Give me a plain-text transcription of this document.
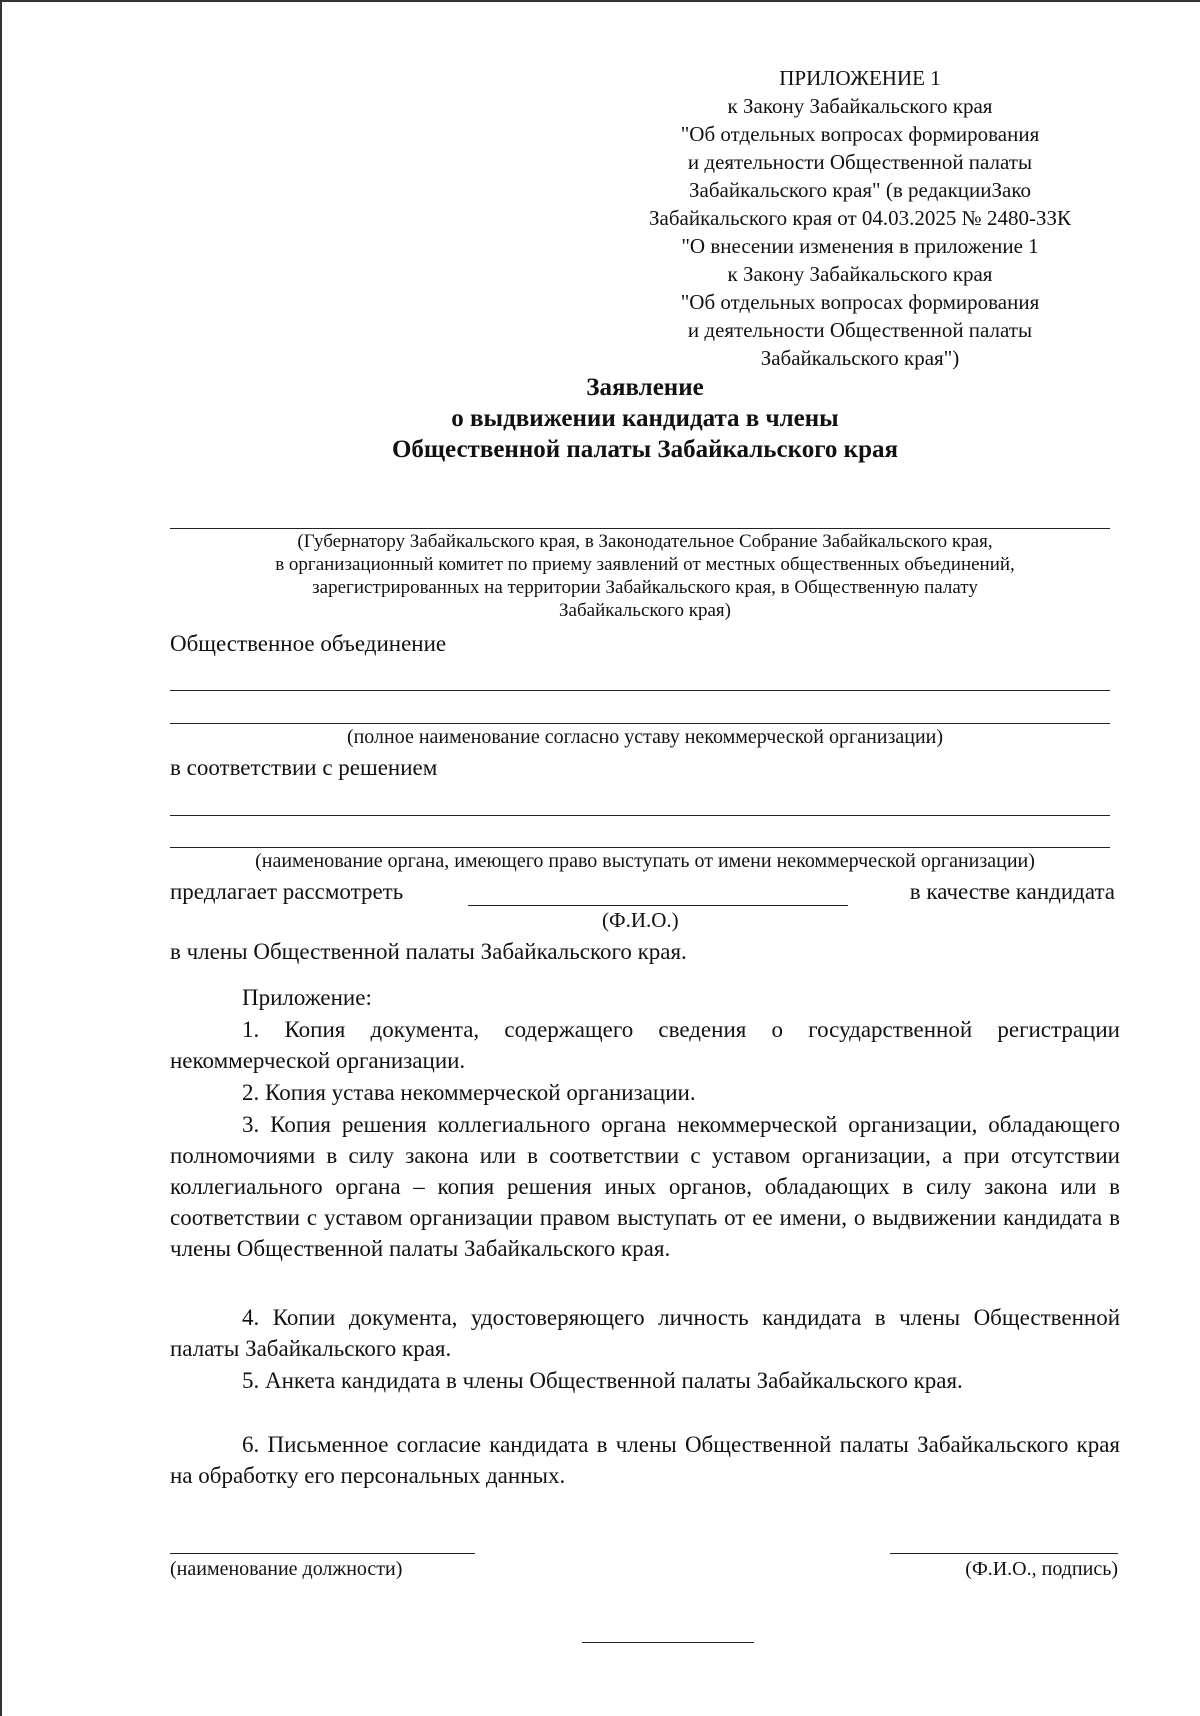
ПРИЛОЖЕНИЕ 1
к Закону Забайкальского края
"Об отдельных вопросах формирования
и деятельности Общественной палаты
Забайкальского края" (в редакцииЗако
Забайкальского края от 04.03.2025 № 2480-ЗЗК
"О внесении изменения в приложение 1
к Закону Забайкальского края
"Об отдельных вопросах формирования
и деятельности Общественной палаты
Забайкальского края")
Заявление
о выдвижении кандидата в члены
Общественной палаты Забайкальского края
(Губернатору Забайкальского края, в Законодательное Собрание Забайкальского края,
в организационный комитет по приему заявлений от местных общественных объединений,
зарегистрированных на территории Забайкальского края, в Общественную палату
Забайкальского края)
Общественное объединение
(полное наименование согласно уставу некоммерческой организации)
в соответствии с решением
(наименование органа, имеющего право выступать от имени некоммерческой организации)
предлагает рассмотреть	в качестве кандидата
(Ф.И.О.)
в члены Общественной палаты Забайкальского края.
Приложение:
1. Копия документа, содержащего сведения о государственной регистрации некоммерческой организации.
2. Копия устава некоммерческой организации.
3. Копия решения коллегиального органа некоммерческой организации, обладающего полномочиями в силу закона или в соответствии с уставом организации, а при отсутствии коллегиального органа – копия решения иных органов, обладающих в силу закона или в соответствии с уставом организации правом выступать от ее имени, о выдвижении кандидата в члены Общественной палаты Забайкальского края.
4. Копии документа, удостоверяющего личность кандидата в члены Общественной палаты Забайкальского края.
5. Анкета кандидата в члены Общественной палаты Забайкальского края.
6. Письменное согласие кандидата в члены Общественной палаты Забайкальского края на обработку его персональных данных.
(наименование должности)	(Ф.И.О., подпись)
